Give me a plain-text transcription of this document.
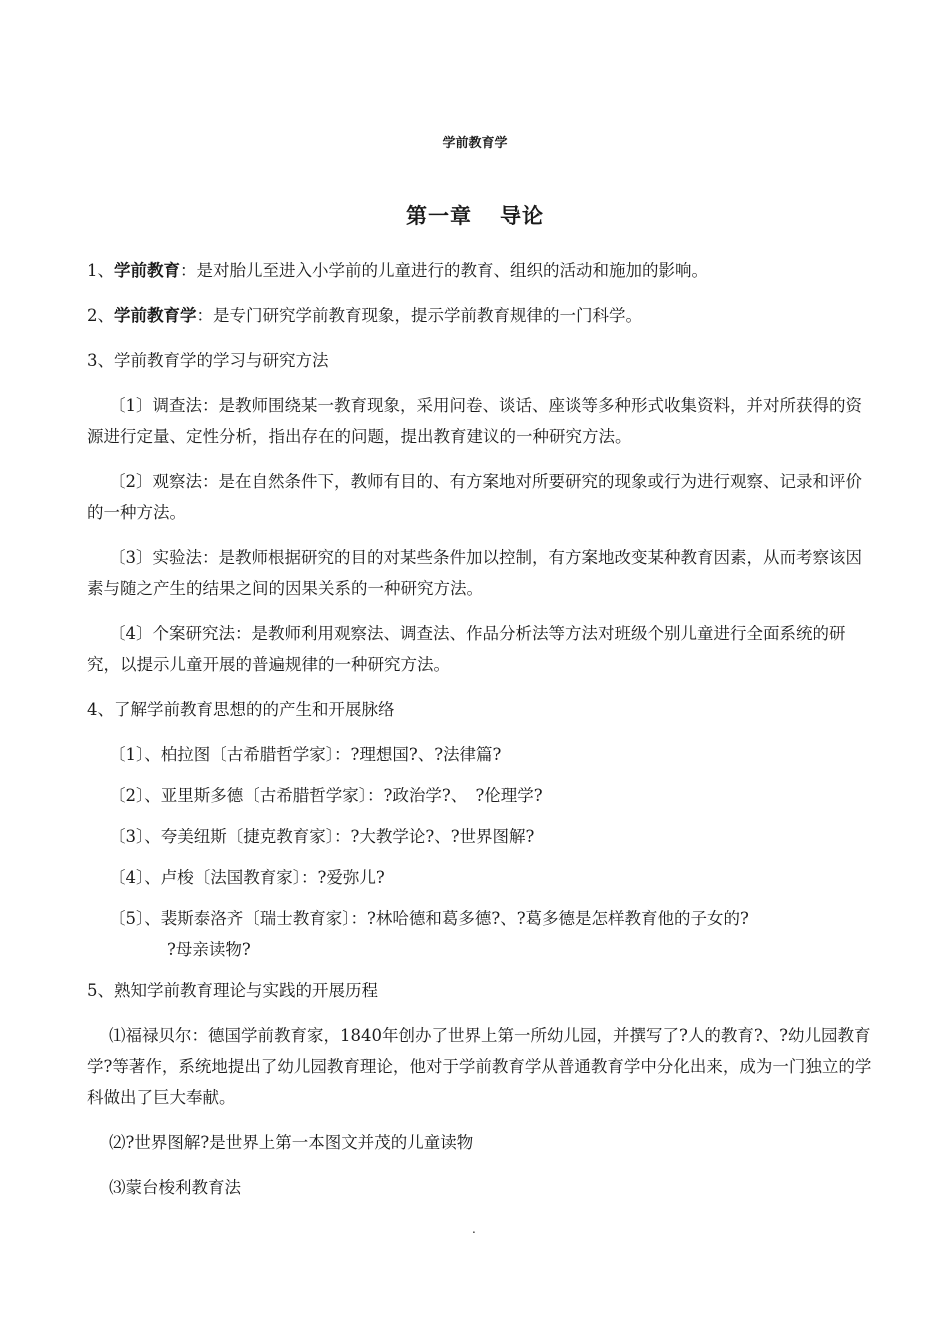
学前教育学
第一章 导论

1、学前教育：是对胎儿至进入小学前的儿童进行的教育、组织的活动和施加的影响。

2、学前教育学：是专门研究学前教育现象，提示学前教育规律的一门科学。

3、学前教育学的学习与研究方法

〔1〕调查法：是教师围绕某一教育现象，采用问卷、谈话、座谈等多种形式收集资料，并对所获得的资源进行定量、定性分析，指出存在的问题，提出教育建议的一种研究方法。

〔2〕观察法：是在自然条件下，教师有目的、有方案地对所要研究的现象或行为进行观察、记录和评价的一种方法。

〔3〕实验法：是教师根据研究的目的对某些条件加以控制，有方案地改变某种教育因素，从而考察该因素与随之产生的结果之间的因果关系的一种研究方法。

〔4〕个案研究法：是教师利用观察法、调查法、作品分析法等方法对班级个别儿童进行全面系统的研究，以提示儿童开展的普遍规律的一种研究方法。

4、了解学前教育思想的的产生和开展脉络

〔1〕、柏拉图〔古希腊哲学家〕：?理想国?、?法律篇?

〔2〕、亚里斯多德〔古希腊哲学家〕：?政治学?、　?伦理学?

〔3〕、夸美纽斯〔捷克教育家〕：?大教学论?、?世界图解?

〔4〕、卢梭〔法国教育家〕：?爱弥儿?

〔5〕、裴斯泰洛齐〔瑞士教育家〕：?林哈德和葛多德?、?葛多德是怎样教育他的子女的?
?母亲读物?

5、熟知学前教育理论与实践的开展历程

⑴福禄贝尔：德国学前教育家，1840年创办了世界上第一所幼儿园，并撰写了?人的教育?、?幼儿园教育学?等著作，系统地提出了幼儿园教育理论，他对于学前教育学从普通教育学中分化出来，成为一门独立的学科做出了巨大奉献。

⑵?世界图解?是世界上第一本图文并茂的儿童读物

⑶蒙台梭利教育法

.
